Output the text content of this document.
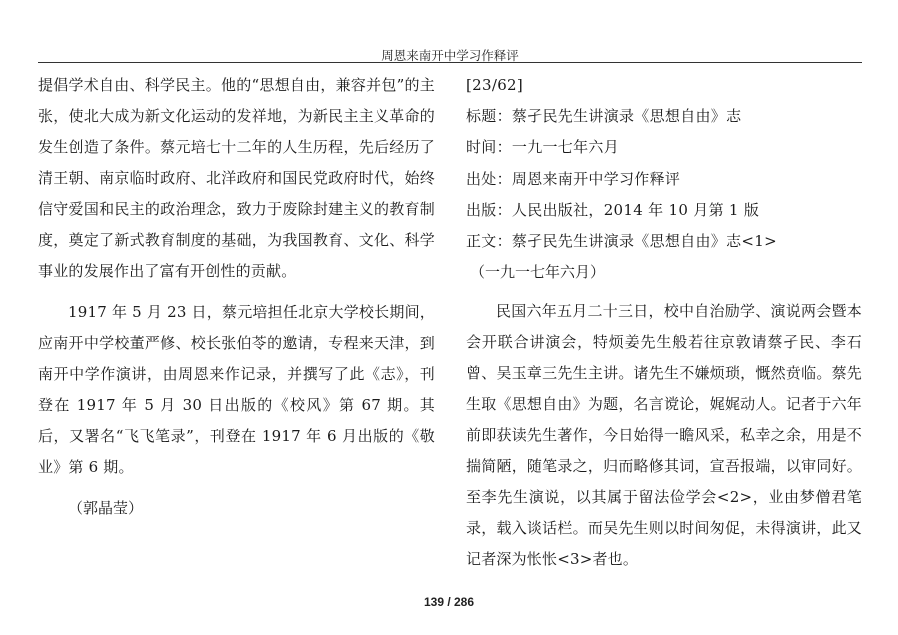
周恩来南开中学习作释评

提倡学术自由、科学民主。他的“思想自由，兼容并包”的主张，使北大成为新文化运动的发祥地，为新民主主义革命的发生创造了条件。蔡元培七十二年的人生历程，先后经历了清王朝、南京临时政府、北洋政府和国民党政府时代，始终信守爱国和民主的政治理念，致力于废除封建主义的教育制度，奠定了新式教育制度的基础，为我国教育、文化、科学事业的发展作出了富有开创性的贡献。

1917 年 5 月 23 日，蔡元培担任北京大学校长期间，应南开中学校董严修、校长张伯苓的邀请，专程来天津，到南开中学作演讲，由周恩来作记录，并撰写了此《志》，刊登在 1917 年 5 月 30 日出版的《校风》第 67 期。其后，又署名“飞飞笔录”，刊登在 1917 年 6 月出版的《敬业》第 6 期。

（郭晶莹）

[23/62]

标题：蔡孑民先生讲演录《思想自由》志

时间：一九一七年六月

出处：周恩来南开中学习作释评

出版：人民出版社，2014 年 10 月第 1 版

正文：蔡孑民先生讲演录《思想自由》志<1>

（一九一七年六月）

民国六年五月二十三日，校中自治励学、演说两会暨本会开联合讲演会，特烦姜先生般若往京敦请蔡孑民、李石曾、吴玉章三先生主讲。诸先生不嫌烦琐，慨然贲临。蔡先生取《思想自由》为题，名言谠论，娓娓动人。记者于六年前即获读先生著作，今日始得一瞻风采，私幸之余，用是不揣简陋，随笔录之，归而略修其词，宣吾报端，以审同好。至李先生演说，以其属于留法俭学会<2>，业由梦僧君笔录，载入谈话栏。而吴先生则以时间匆促，未得演讲，此又记者深为怅怅<3>者也。

139 / 286
